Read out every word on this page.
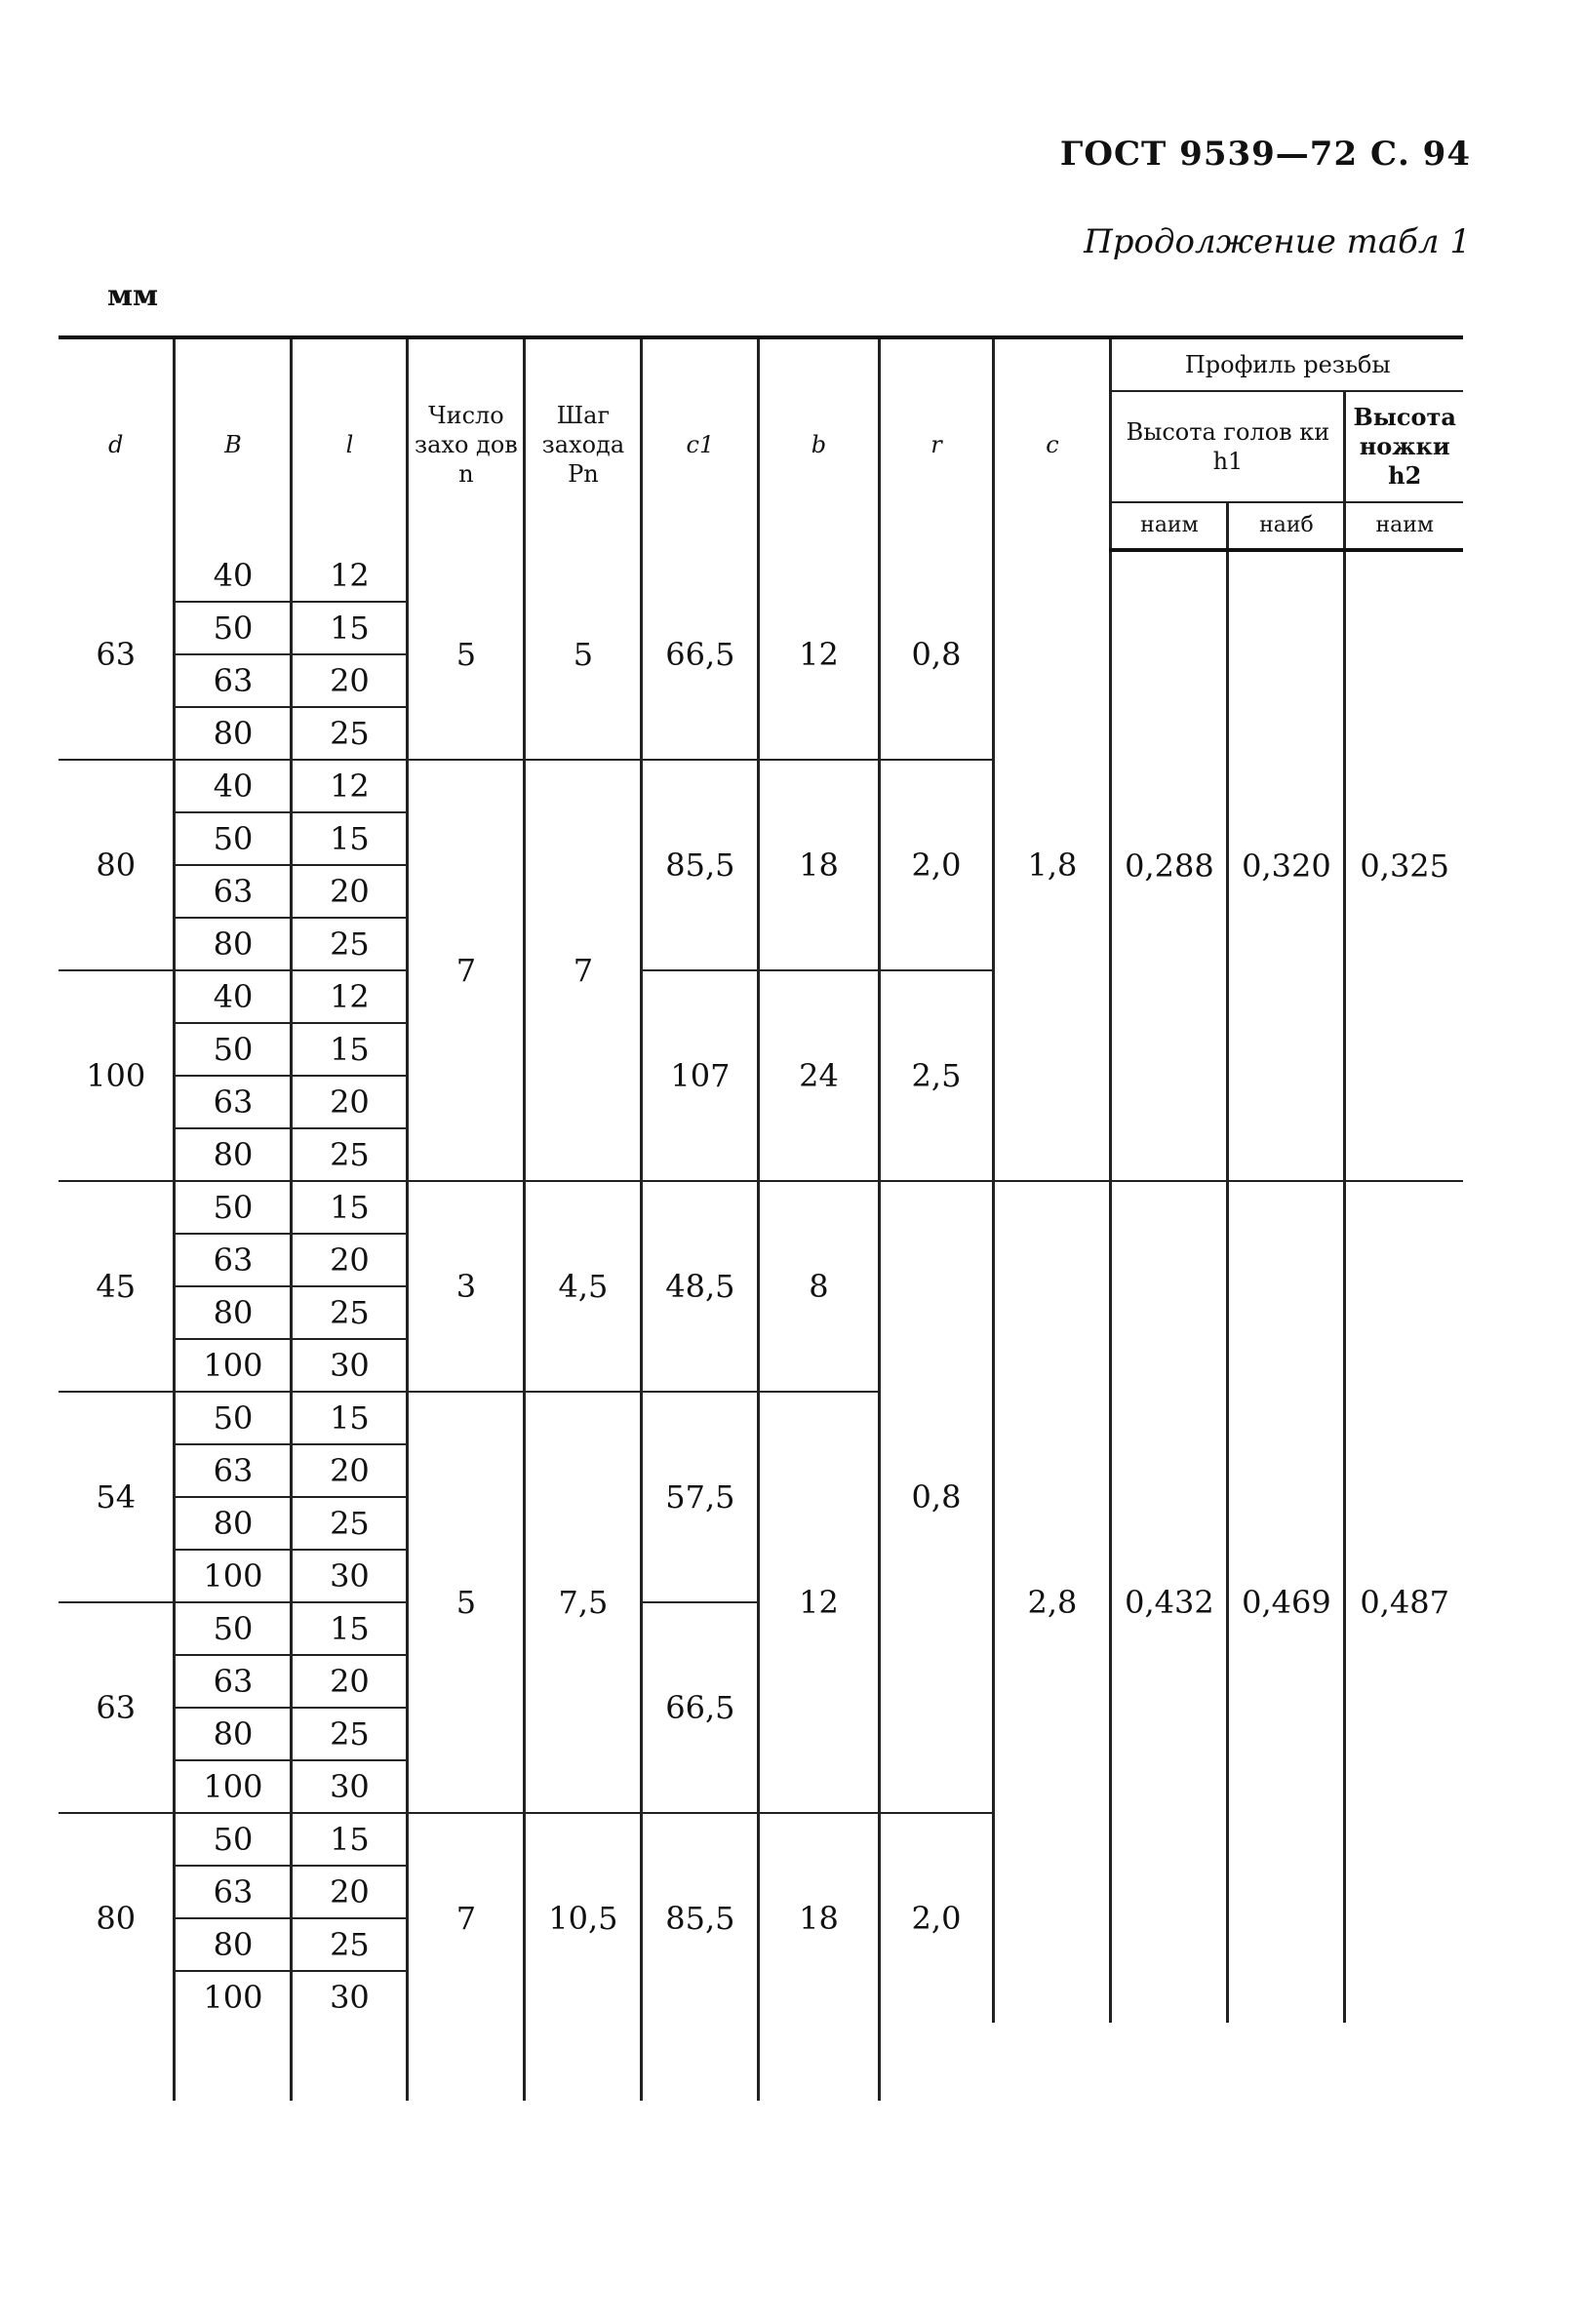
ГОСТ 9539—72 С. 94
Продолжение табл 1
мм
d	B	l	Число захо дов n	Шаг захода Pn	c1	b	r	c	Профиль резьбы		
									Высота голов ки h1		Высота ножки h2
									наим	наиб	наим
63	40	12	5	5	66,5	12	0,8	1,8	0,288	0,320	0,325
	50	15									
	63	20									
	80	25									
80	40	12	7	7	85,5	18	2,0				
	50	15									
	63	20									
	80	25									
100	40	12			107	24	2,5				
	50	15									
	63	20									
	80	25									
45	50	15	3	4,5	48,5	8	0,8	2,8	0,432	0,469	0,487
	63	20									
	80	25									
	100	30									
54	50	15	5	7,5	57,5	12					
	63	20									
	80	25									
	100	30									
63	50	15			66,5						
	63	20									
	80	25									
	100	30									
80	50	15	7	10,5	85,5	18	2,0				
	63	20									
	80	25									
	100	30									
